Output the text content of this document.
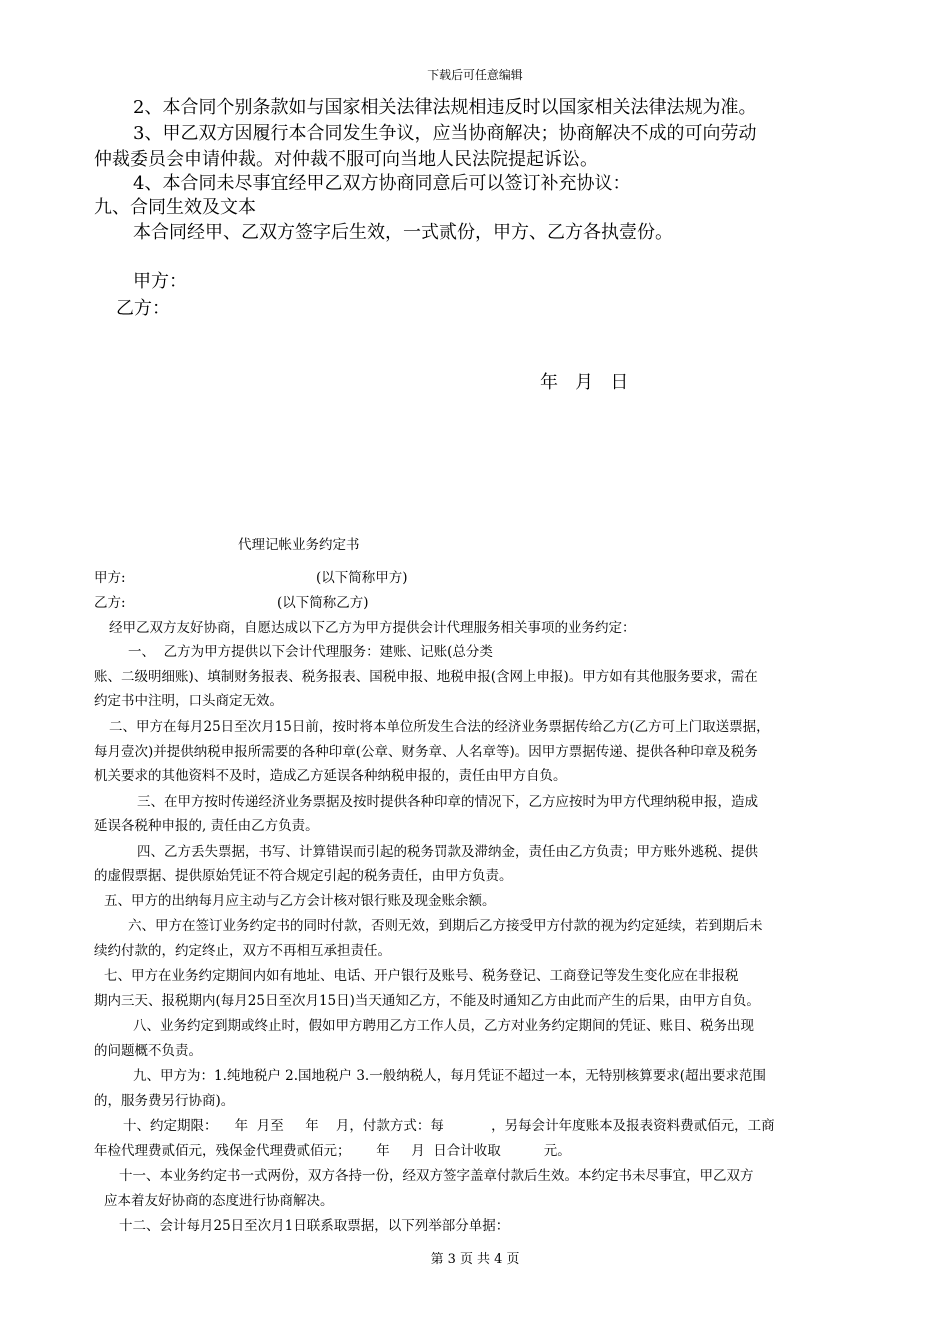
下载后可任意编辑
2、本合同个别条款如与国家相关法律法规相违反时以国家相关法律法规为准。
3、甲乙双方因履行本合同发生争议，应当协商解决；协商解决不成的可向劳动
仲裁委员会申请仲裁。对仲裁不服可向当地人民法院提起诉讼。
4、本合同未尽事宜经甲乙双方协商同意后可以签订补充协议：
九、合同生效及文本
本合同经甲、乙双方签字后生效，一式贰份，甲方、乙方各执壹份。
甲方：
乙方：
年   月   日
代理记帐业务约定书
甲方:	(以下简称甲方)
乙方:	(以下简称乙方)
经甲乙双方友好协商，自愿达成以下乙方为甲方提供会计代理服务相关事项的业务约定：
一、  乙方为甲方提供以下会计代理服务：建账、记账(总分类
账、二级明细账)、填制财务报表、税务报表、国税申报、地税申报(含网上申报)。甲方如有其他服务要求，需在
约定书中注明，口头商定无效。
二、甲方在每月25日至次月15日前，按时将本单位所发生合法的经济业务票据传给乙方(乙方可上门取送票据，
每月壹次)并提供纳税申报所需要的各种印章(公章、财务章、人名章等)。因甲方票据传递、提供各种印章及税务
机关要求的其他资料不及时，造成乙方延误各种纳税申报的，责任由甲方自负。
三、在甲方按时传递经济业务票据及按时提供各种印章的情况下，乙方应按时为甲方代理纳税申报，造成
延误各税种申报的, 责任由乙方负责。
四、乙方丢失票据，书写、计算错误而引起的税务罚款及滞纳金，责任由乙方负责；甲方账外逃税、提供
的虚假票据、提供原始凭证不符合规定引起的税务责任，由甲方负责。
五、甲方的出纳每月应主动与乙方会计核对银行账及现金账余额。
六、甲方在签订业务约定书的同时付款，否则无效，到期后乙方接受甲方付款的视为约定延续，若到期后未
续约付款的，约定终止，双方不再相互承担责任。
七、甲方在业务约定期间内如有地址、电话、开户银行及账号、税务登记、工商登记等发生变化应在非报税
期内三天、报税期内(每月25日至次月15日)当天通知乙方，不能及时通知乙方由此而产生的后果，由甲方自负。
八、业务约定到期或终止时，假如甲方聘用乙方工作人员，乙方对业务约定期间的凭证、账目、税务出现
的问题概不负责。
九、甲方为：1.纯地税户 2.国地税户 3.一般纳税人，每月凭证不超过一本，无特别核算要求(超出要求范围
的，服务费另行协商)。
十、约定期限：    年  月至     年    月，付款方式：每           ，另每会计年度账本及报表资料费贰佰元，工商
年检代理费贰佰元，残保金代理费贰佰元；      年     月  日合计收取          元。
十一、本业务约定书一式两份，双方各持一份，经双方签字盖章付款后生效。本约定书未尽事宜，甲乙双方
应本着友好协商的态度进行协商解决。
十二、会计每月25日至次月1日联系取票据，以下列举部分单据：
第 3 页 共 4 页
